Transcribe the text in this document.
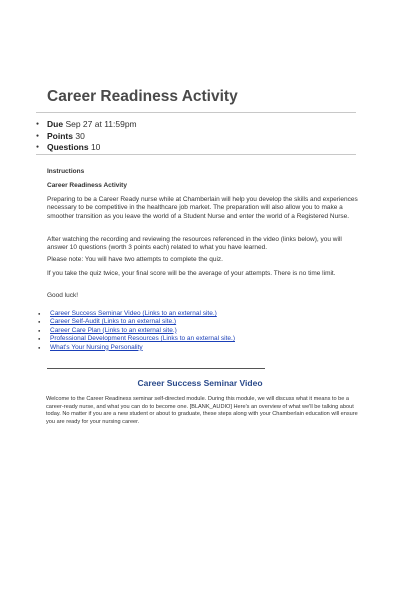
Career Readiness Activity
● Due Sep 27 at 11:59pm
● Points 30
● Questions 10

Instructions

Career Readiness Activity

Preparing to be a Career Ready nurse while at Chamberlain will help you develop the skills and experiences necessary to be competitive in the healthcare job market. The preparation will also allow you to make a smoother transition as you leave the world of a Student Nurse and enter the world of a Registered Nurse.

After watching the recording and reviewing the resources referenced in the video (links below), you will answer 10 questions (worth 3 points each) related to what you have learned.

Please note: You will have two attempts to complete the quiz.

If you take the quiz twice, your final score will be the average of your attempts. There is no time limit.

Good luck!

● Career Success Seminar Video (Links to an external site.)
● Career Self-Audit (Links to an external site.)
● Career Care Plan (Links to an external site.)
● Professional Development Resources (Links to an external site.)
● What's Your Nursing Personality
Career Success Seminar Video
Welcome to the Career Readiness seminar self-directed module. During this module, we will discuss what it means to be a career-ready nurse, and what you can do to become one. [BLANK_AUDIO] Here's an overview of what we'll be talking about today. No matter if you are a new student or about to graduate, these steps along with your Chamberlain education will ensure you are ready for your nursing career.
